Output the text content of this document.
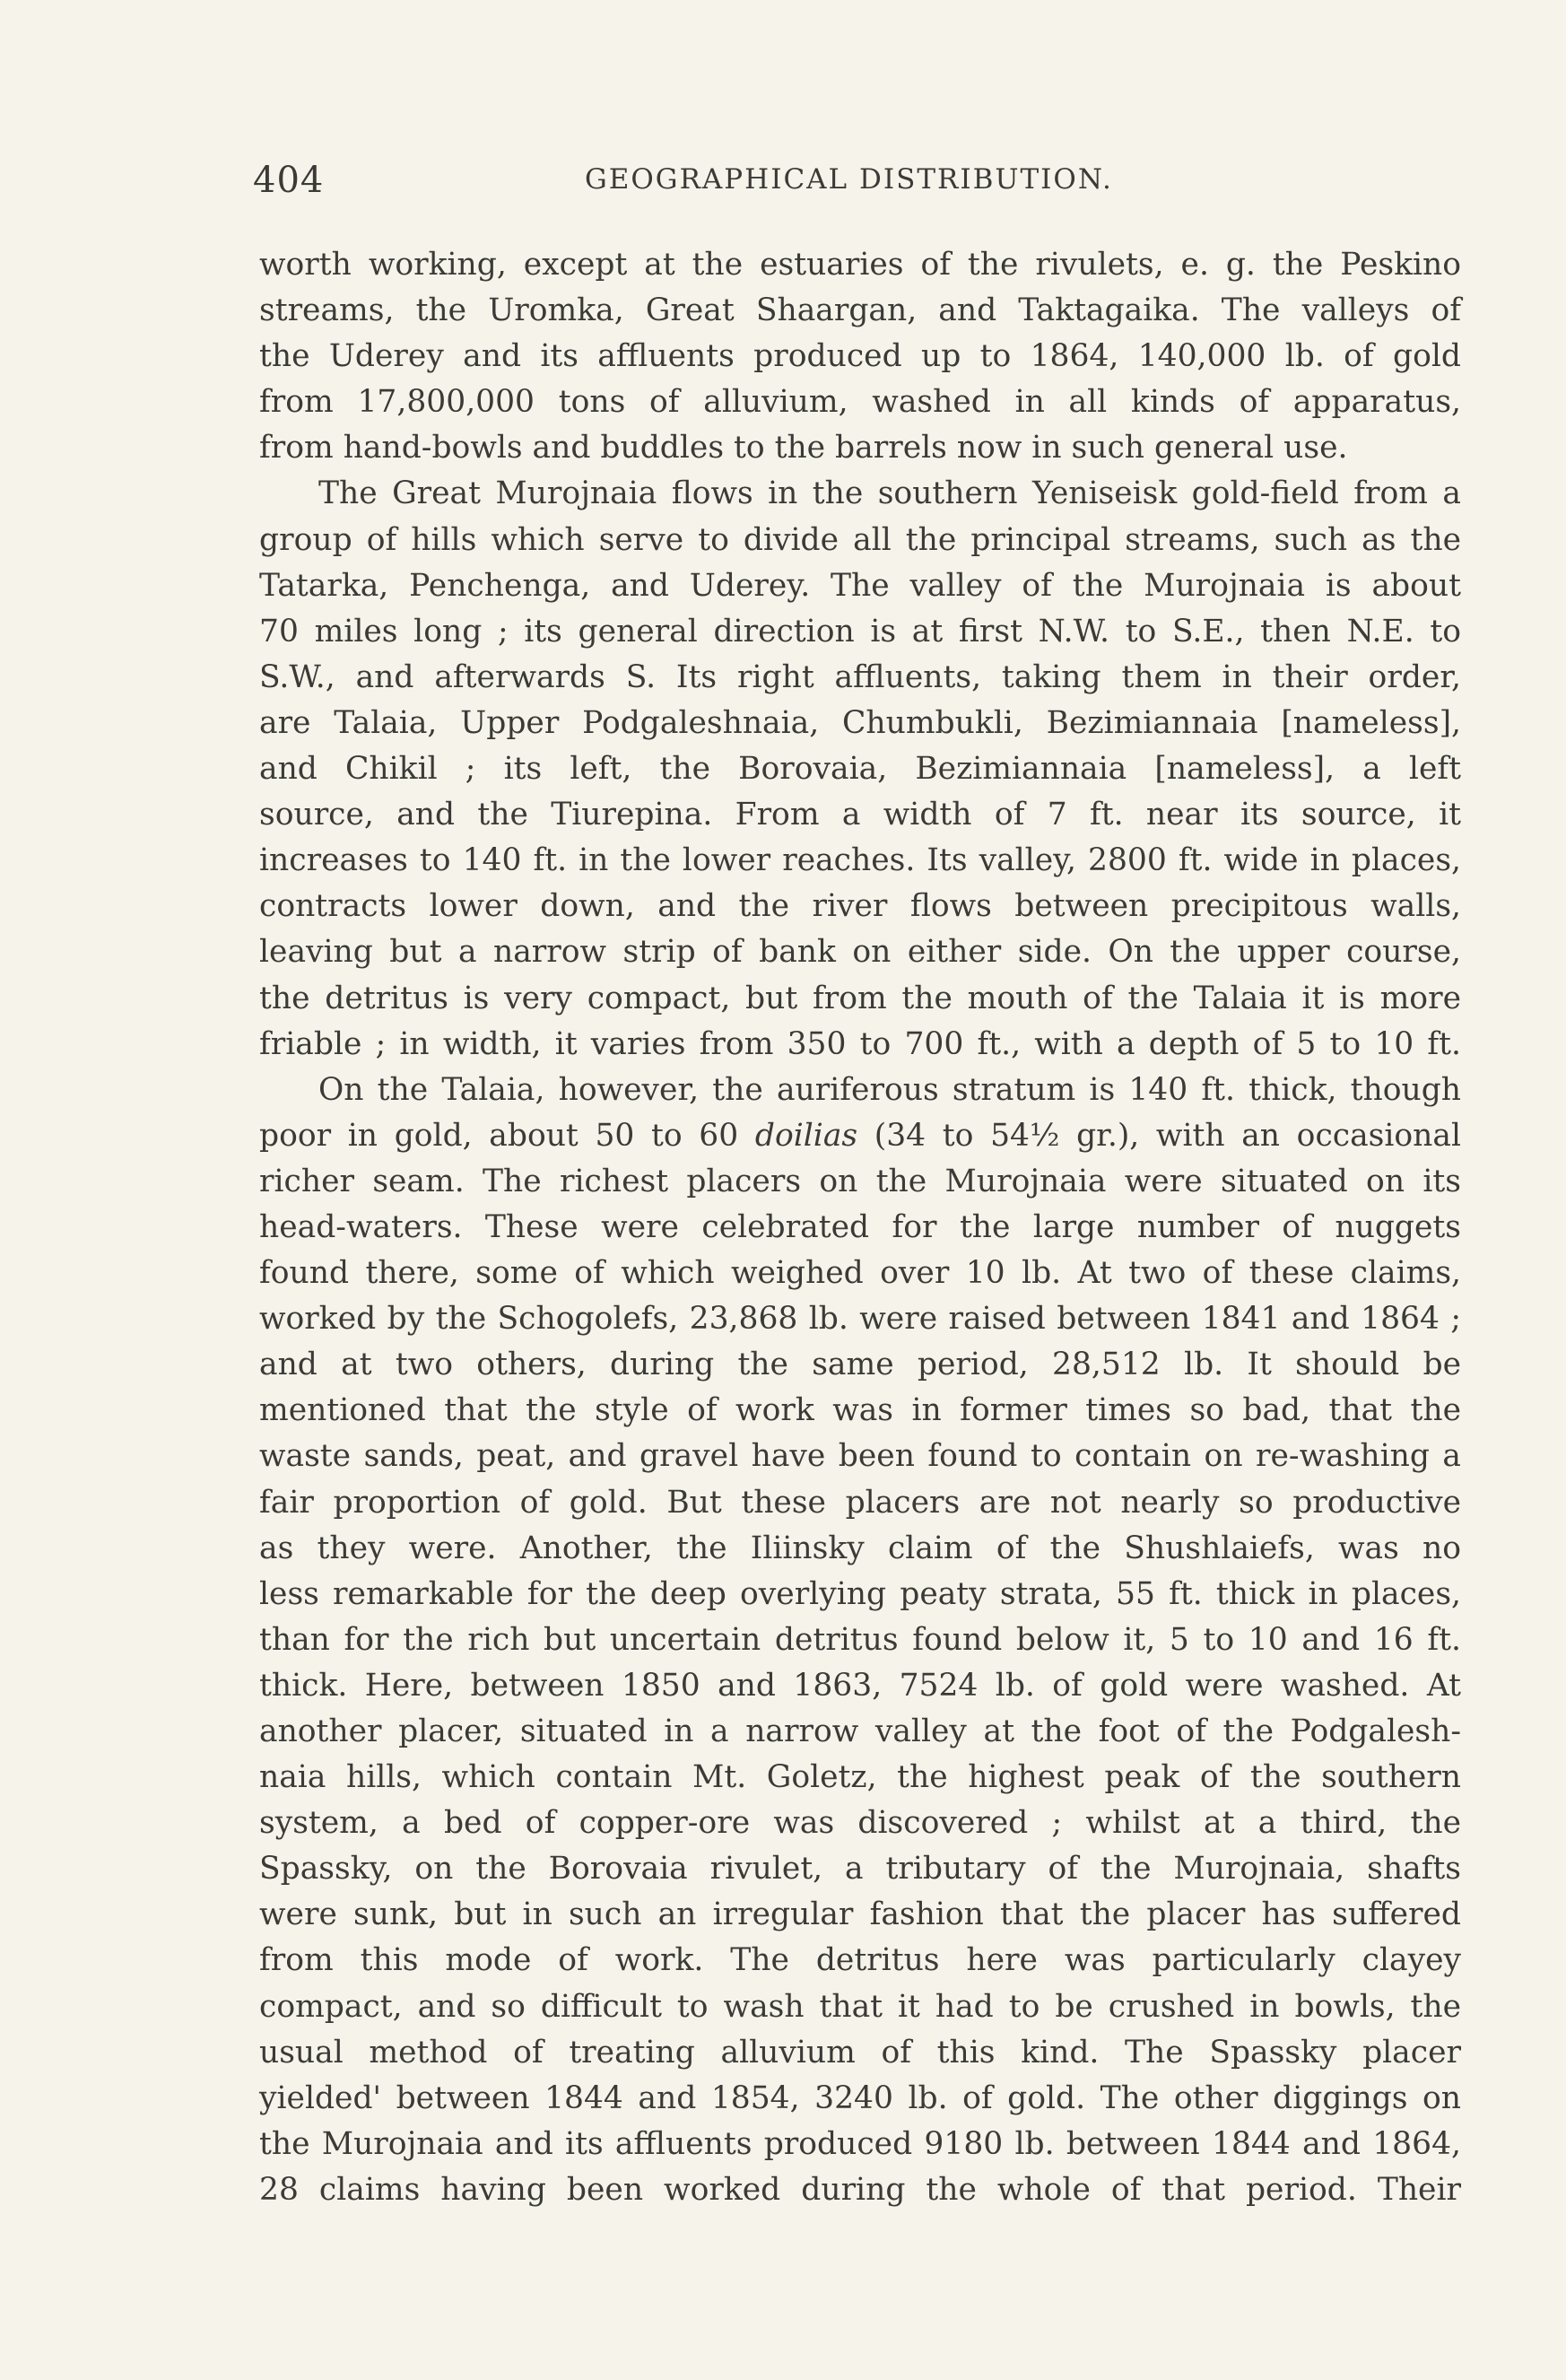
404	GEOGRAPHICAL DISTRIBUTION.
worth working, except at the estuaries of the rivulets, e. g. the Peskino
streams, the Uromka, Great Shaargan, and Taktagaika. The valleys of
the Uderey and its affluents produced up to 1864, 140,000 lb. of gold
from 17,800,000 tons of alluvium, washed in all kinds of apparatus,
from hand-bowls and buddles to the barrels now in such general use.
The Great Murojnaia flows in the southern Yeniseisk gold-field from a
group of hills which serve to divide all the principal streams, such as the
Tatarka, Penchenga, and Uderey. The valley of the Murojnaia is about
70 miles long ; its general direction is at first N.W. to S.E., then N.E. to
S.W., and afterwards S. Its right affluents, taking them in their order,
are Talaia, Upper Podgaleshnaia, Chumbukli, Bezimiannaia [nameless],
and Chikil ; its left, the Borovaia, Bezimiannaia [nameless], a left
source, and the Tiurepina. From a width of 7 ft. near its source, it
increases to 140 ft. in the lower reaches. Its valley, 2800 ft. wide in places,
contracts lower down, and the river flows between precipitous walls,
leaving but a narrow strip of bank on either side. On the upper course,
the detritus is very compact, but from the mouth of the Talaia it is more
friable ; in width, it varies from 350 to 700 ft., with a depth of 5 to 10 ft.
On the Talaia, however, the auriferous stratum is 140 ft. thick, though
poor in gold, about 50 to 60 doilias (34 to 54½ gr.), with an occasional
richer seam. The richest placers on the Murojnaia were situated on its
head-waters. These were celebrated for the large number of nuggets
found there, some of which weighed over 10 lb. At two of these claims,
worked by the Schogolefs, 23,868 lb. were raised between 1841 and 1864 ;
and at two others, during the same period, 28,512 lb. It should be
mentioned that the style of work was in former times so bad, that the
waste sands, peat, and gravel have been found to contain on re-washing a
fair proportion of gold. But these placers are not nearly so productive
as they were. Another, the Iliinsky claim of the Shushlaiefs, was no
less remarkable for the deep overlying peaty strata, 55 ft. thick in places,
than for the rich but uncertain detritus found below it, 5 to 10 and 16 ft.
thick. Here, between 1850 and 1863, 7524 lb. of gold were washed. At
another placer, situated in a narrow valley at the foot of the Podgalesh-
naia hills, which contain Mt. Goletz, the highest peak of the southern
system, a bed of copper-ore was discovered ; whilst at a third, the
Spassky, on the Borovaia rivulet, a tributary of the Murojnaia, shafts
were sunk, but in such an irregular fashion that the placer has suffered
from this mode of work. The detritus here was particularly clayey
compact, and so difficult to wash that it had to be crushed in bowls, the
usual method of treating alluvium of this kind. The Spassky placer
yielded' between 1844 and 1854, 3240 lb. of gold. The other diggings on
the Murojnaia and its affluents produced 9180 lb. between 1844 and 1864,
28 claims having been worked during the whole of that period. Their
